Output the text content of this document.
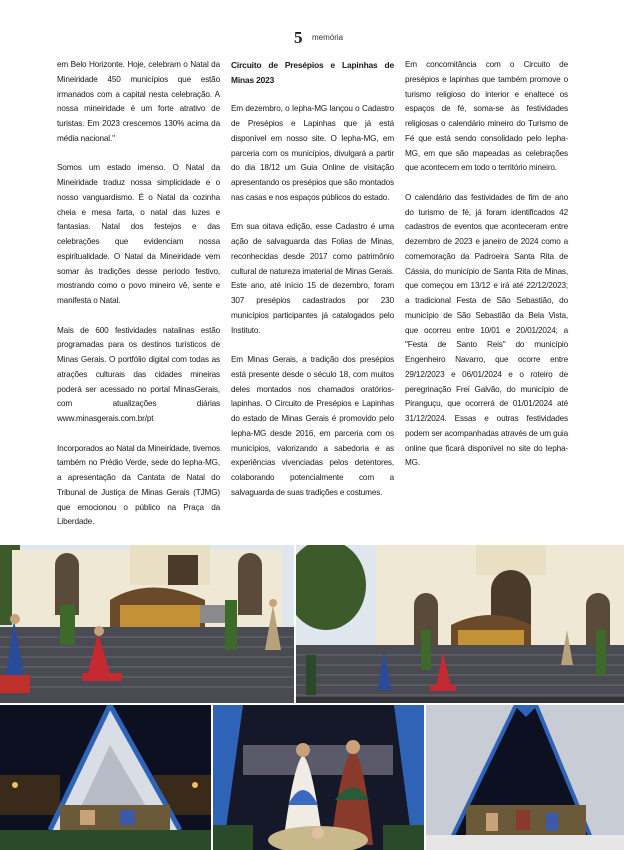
5 memória

em Belo Horizonte. Hoje, celebram o Natal da Mineiridade 450 municípios que estão irmanados com a capital nesta celebração. A nossa mineiridade é um forte atrativo de turistas. Em 2023 crescemos 130% acima da média nacional."

Somos um estado imenso. O Natal da Mineiridade traduz nossa simplicidade e o nosso vanguardismo. É o Natal da cozinha cheia e mesa farta, o natal das luzes e fantasias. Natal dos festejos e das celebrações que evidenciam nossa espiritualidade. O Natal da Mineiridade vem somar às tradições desse período festivo, mostrando como o povo mineiro vê, sente e manifesta o Natal.

Mais de 600 festividades natalinas estão programadas para os destinos turísticos de Minas Gerais. O portfólio digital com todas as atrações culturais das cidades mineiras poderá ser acessado no portal MinasGerais, com atualizações diárias www.minasgerais.com.br/pt

Incorporados ao Natal da Mineiridade, tivemos também no Prédio Verde, sede do Iepha-MG, a apresentação da Cantata de Natal do Tribunal de Justiça de Minas Gerais (TJMG) que emocionou o público na Praça da Liberdade.

Circuito de Presépios e Lapinhas de Minas 2023

Em dezembro, o Iepha-MG lançou o Cadastro de Presépios e Lapinhas que já está disponível em nosso site. O Iepha-MG, em parceria com os municípios, divulgará a partir do dia 18/12 um Guia Online de visitação apresentando os presépios que são montados nas casas e nos espaços públicos do estado.

Em sua oitava edição, esse Cadastro é uma ação de salvaguarda das Folias de Minas, reconhecidas desde 2017 como patrimônio cultural de natureza imaterial de Minas Gerais. Este ano, até início 15 de dezembro, foram 307 presépios cadastrados por 230 municípios participantes já catalogados pelo Instituto.

Em Minas Gerais, a tradição dos presépios está presente desde o século 18, com muitos deles montados nos chamados oratórios-lapinhas. O Circuito de Presépios e Lapinhas do estado de Minas Gerais é promovido pelo Iepha-MG desde 2016, em parceria com os municípios, valorizando a sabedoria e as experiências vivenciadas pelos detentores, colaborando potencialmente com a salvaguarda de suas tradições e costumes.

Em concomitância com o Circuito de presépios e lapinhas que também promove o turismo religioso do interior e enaltece os espaços de fé, soma-se às festividades religiosas o calendário mineiro do Turismo de Fé que está sendo consolidado pelo Iepha-MG, em que são mapeadas as celebrações que acontecem em todo o território mineiro.

O calendário das festividades de fim de ano do turismo de fé, já foram identificados 42 cadastros de eventos que aconteceram entre dezembro de 2023 e janeiro de 2024 como a comemoração da Padroeira Santa Rita de Cássia, do município de Santa Rita de Minas, que começou em 13/12 e irá até 22/12/2023; a tradicional Festa de São Sebastião, do município de São Sebastião da Bela Vista, que ocorreu entre 10/01 e 20/01/2024; a "Festa de Santo Reis" do município Engenheiro Navarro, que ocorre entre 29/12/2023 e 06/01/2024 e o roteiro de peregrinação Frei Galvão, do município de Piranguçu, que ocorrerá de 01/01/2024 até 31/12/2024. Essas e outras festividades podem ser acompanhadas através de um guia online que ficará disponível no site do Iepha-MG.
